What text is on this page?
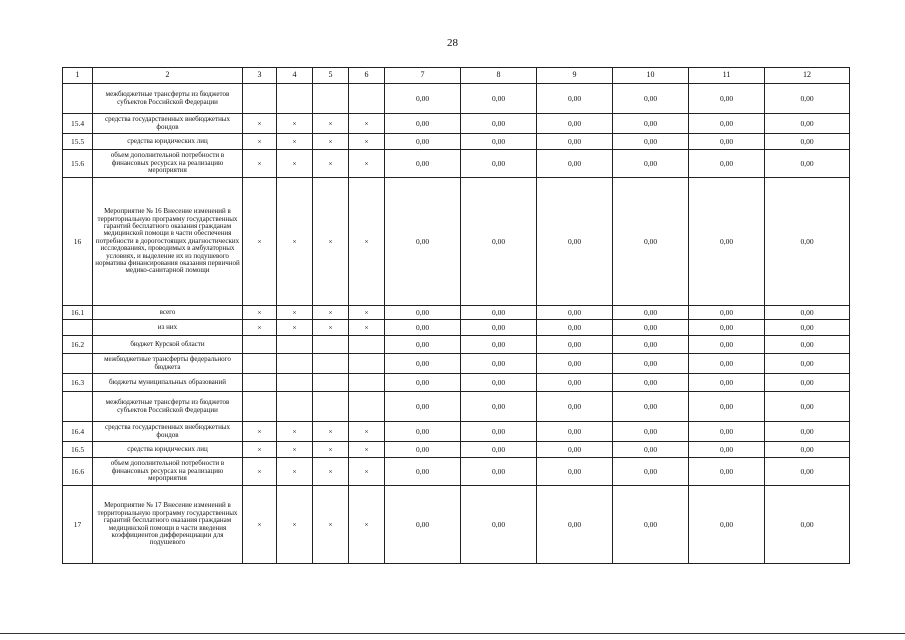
28
1	2	3	4	5	6	7	8	9	10	11	12
	межбюджетные трансферты из бюджетов субъектов Российской Федерации					0,00	0,00	0,00	0,00	0,00	0,00
15.4	средства государственных внебюджетных фондов	×	×	×	×	0,00	0,00	0,00	0,00	0,00	0,00
15.5	средства юридических лиц	×	×	×	×	0,00	0,00	0,00	0,00	0,00	0,00
15.6	объем дополнительной потребности в финансовых ресурсах на реализацию мероприятия	×	×	×	×	0,00	0,00	0,00	0,00	0,00	0,00
16	Мероприятие № 16 Внесение изменений в территориальную программу государственных гарантий бесплатного оказания гражданам медицинской помощи в части обеспечения потребности в дорогостоящих диагностических исследованиях, проводимых в амбулаторных условиях, и выделение их из подушевого норматива финансирования оказания первичной медико-санитарной помощи	×	×	×	×	0,00	0,00	0,00	0,00	0,00	0,00
16.1	всего	×	×	×	×	0,00	0,00	0,00	0,00	0,00	0,00
	из них	×	×	×	×	0,00	0,00	0,00	0,00	0,00	0,00
16.2	бюджет Курской области					0,00	0,00	0,00	0,00	0,00	0,00
	межбюджетные трансферты федерального бюджета					0,00	0,00	0,00	0,00	0,00	0,00
16.3	бюджеты муниципальных образований					0,00	0,00	0,00	0,00	0,00	0,00
	межбюджетные трансферты из бюджетов субъектов Российской Федерации					0,00	0,00	0,00	0,00	0,00	0,00
16.4	средства государственных внебюджетных фондов	×	×	×	×	0,00	0,00	0,00	0,00	0,00	0,00
16.5	средства юридических лиц	×	×	×	×	0,00	0,00	0,00	0,00	0,00	0,00
16.6	объем дополнительной потребности в финансовых ресурсах на реализацию мероприятия	×	×	×	×	0,00	0,00	0,00	0,00	0,00	0,00
17	Мероприятие № 17 Внесение изменений в территориальную программу государственных гарантий бесплатного оказания гражданам медицинской помощи в части введения коэффициентов дифференциации для подушевого	×	×	×	×	0,00	0,00	0,00	0,00	0,00	0,00
